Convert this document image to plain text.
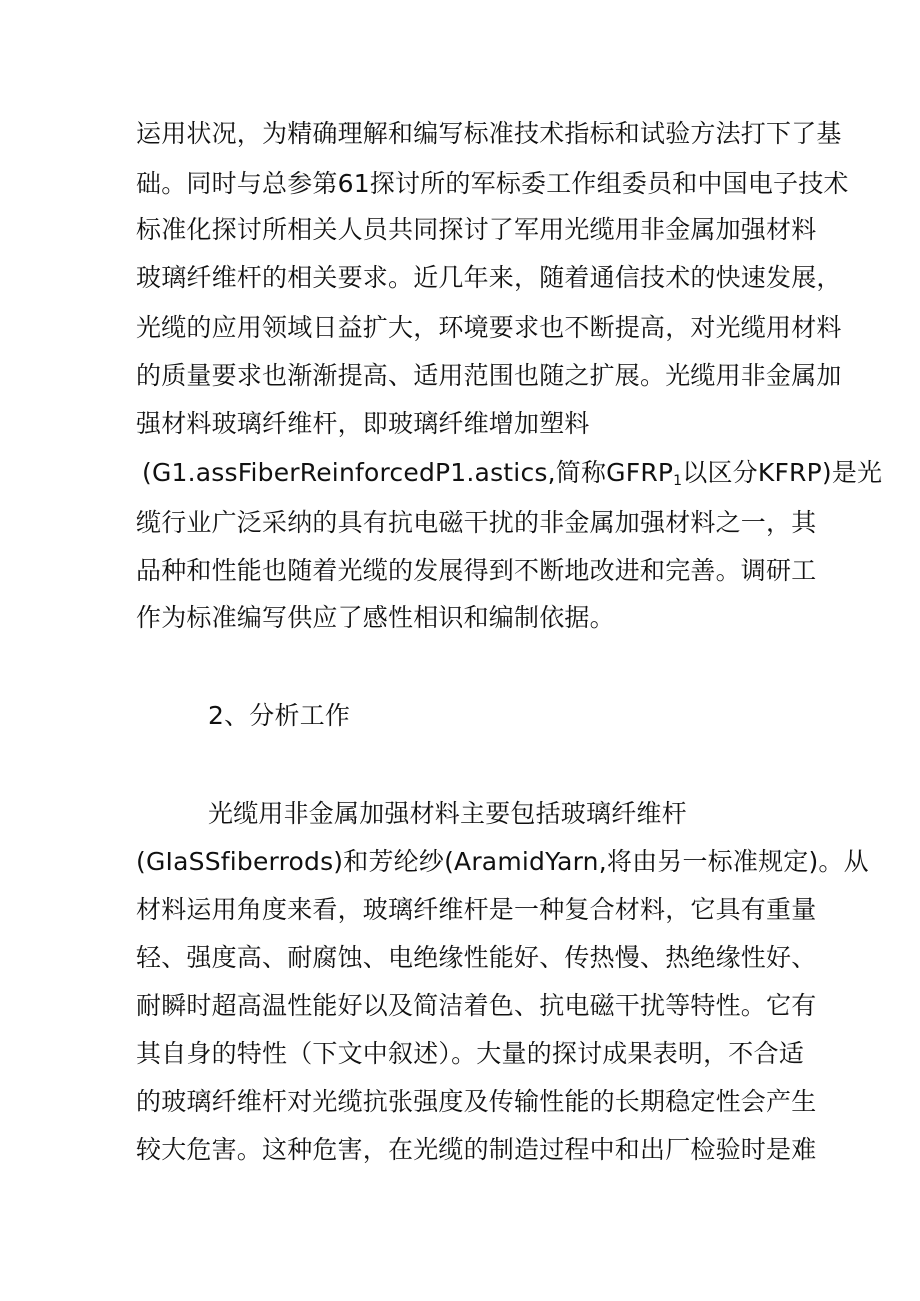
运用状况，为精确理解和编写标准技术指标和试验方法打下了基
础。同时与总参第61探讨所的军标委工作组委员和中国电子技术
标准化探讨所相关人员共同探讨了军用光缆用非金属加强材料
玻璃纤维杆的相关要求。近几年来，随着通信技术的快速发展，
光缆的应用领域日益扩大，环境要求也不断提高，对光缆用材料
的质量要求也渐渐提高、适用范围也随之扩展。光缆用非金属加
强材料玻璃纤维杆，即玻璃纤维增加塑料
(G1.assFiberReinforcedP1.astics,简称$GFRP_1$以区分KFRP)是光
缆行业广泛采纳的具有抗电磁干扰的非金属加强材料之一，其
品种和性能也随着光缆的发展得到不断地改进和完善。调研工
作为标准编写供应了感性相识和编制依据。
2、分析工作
光缆用非金属加强材料主要包括玻璃纤维杆
(GIaSSfiberrods)和芳纶纱(AramidYarn,将由另一标准规定)。从
材料运用角度来看，玻璃纤维杆是一种复合材料，它具有重量
轻、强度高、耐腐蚀、电绝缘性能好、传热慢、热绝缘性好、
耐瞬时超高温性能好以及简洁着色、抗电磁干扰等特性。它有
其自身的特性（下文中叙述）。大量的探讨成果表明，不合适
的玻璃纤维杆对光缆抗张强度及传输性能的长期稳定性会产生
较大危害。这种危害，在光缆的制造过程中和出厂检验时是难
